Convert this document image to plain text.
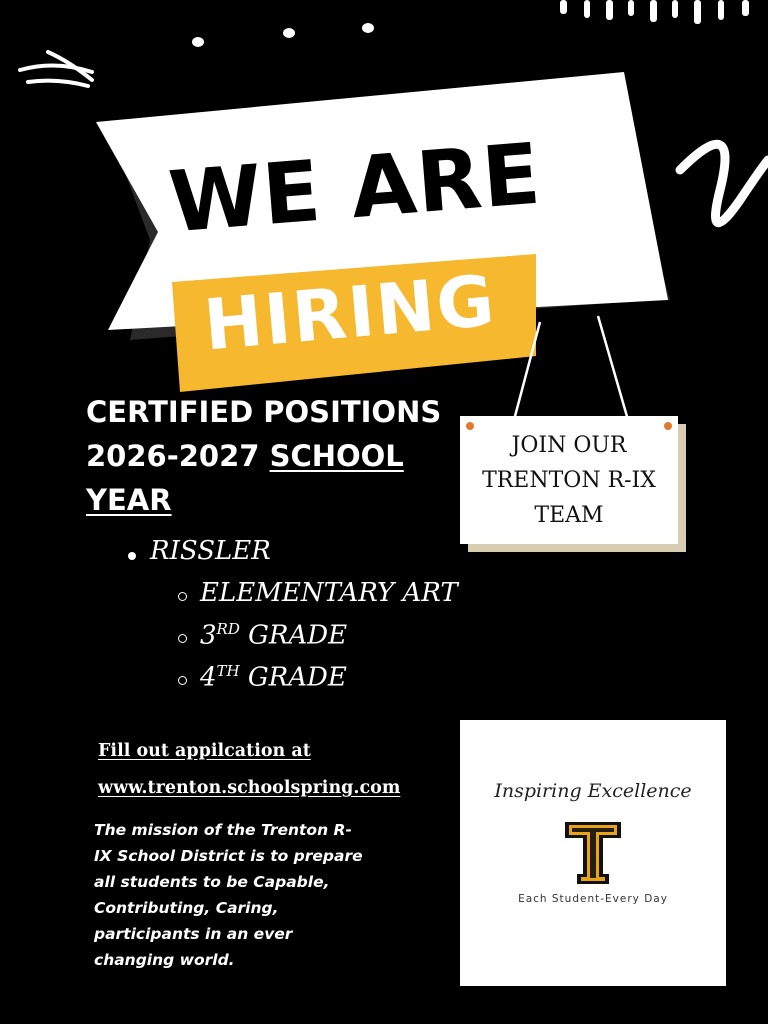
WE ARE
HIRING
JOIN OUR
TRENTON R-IX
TEAM
CERTIFIED POSITIONS
2026-2027 SCHOOL
YEAR
RISSLER
ELEMENTARY ART
3RD GRADE
4TH GRADE
Fill out appilcation at
www.trenton.schoolspring.com
The mission of the Trenton R-
IX School District is to prepare
all students to be Capable,
Contributing, Caring,
participants in an ever
changing world.
Inspiring Excellence
Each Student-Every Day
